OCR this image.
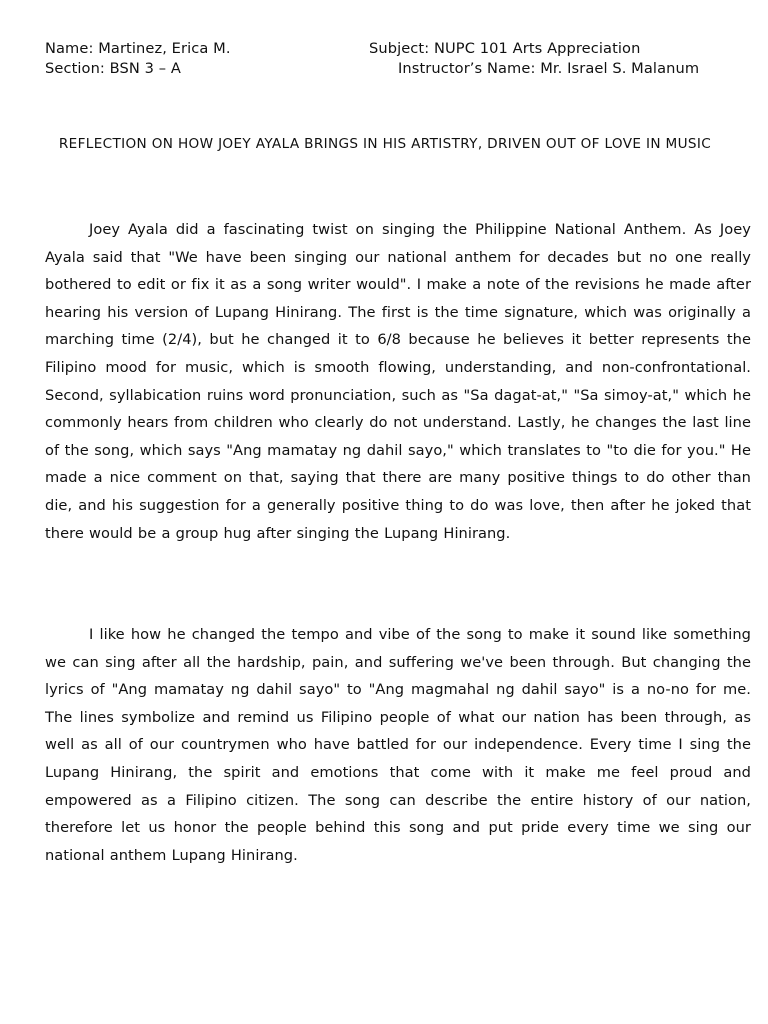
Name: Martinez, Erica M.
Section: BSN 3 – A
Subject: NUPC 101 Arts Appreciation
Instructor’s Name: Mr. Israel S. Malanum
REFLECTION ON HOW JOEY AYALA BRINGS IN HIS ARTISTRY, DRIVEN OUT OF LOVE IN MUSIC

Joey Ayala did a fascinating twist on singing the Philippine National Anthem. As Joey Ayala said that "We have been singing our national anthem for decades but no one really bothered to edit or fix it as a song writer would". I make a note of the revisions he made after hearing his version of Lupang Hinirang. The first is the time signature, which was originally a marching time (2/4), but he changed it to 6/8 because he believes it better represents the Filipino mood for music, which is smooth flowing, understanding, and non-confrontational. Second, syllabication ruins word pronunciation, such as "Sa dagat-at," "Sa simoy-at," which he commonly hears from children who clearly do not understand. Lastly, he changes the last line of the song, which says "Ang mamatay ng dahil sayo," which translates to "to die for you." He made a nice comment on that, saying that there are many positive things to do other than die, and his suggestion for a generally positive thing to do was love, then after he joked that there would be a group hug after singing the Lupang Hinirang.

I like how he changed the tempo and vibe of the song to make it sound like something we can sing after all the hardship, pain, and suffering we've been through. But changing the lyrics of "Ang mamatay ng dahil sayo" to "Ang magmahal ng dahil sayo" is a no-no for me. The lines symbolize and remind us Filipino people of what our nation has been through, as well as all of our countrymen who have battled for our independence. Every time I sing the Lupang Hinirang, the spirit and emotions that come with it make me feel proud and empowered as a Filipino citizen. The song can describe the entire history of our nation, therefore let us honor the people behind this song and put pride every time we sing our national anthem Lupang Hinirang.
